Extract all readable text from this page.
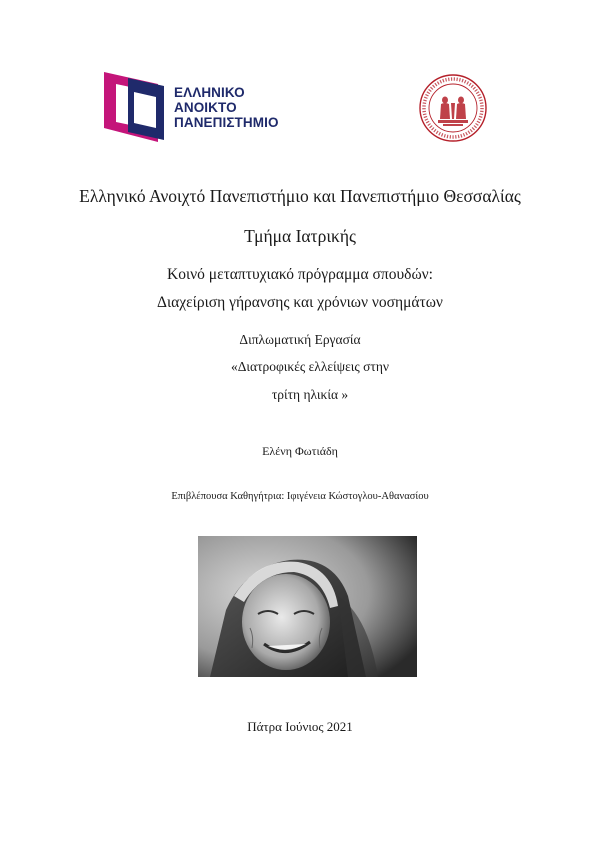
ΕΛΛΗΝΙΚΟ
ΑΝΟΙΚΤΟ
ΠΑΝΕΠΙΣΤΗΜΙΟ
Ελληνικό Ανοιχτό Πανεπιστήμιο και Πανεπιστήμιο Θεσσαλίας
Τμήμα Ιατρικής
Κοινό μεταπτυχιακό πρόγραμμα σπουδών:
Διαχείριση γήρανσης και χρόνιων νοσημάτων
Διπλωματική Εργασία
«Διατροφικές ελλείψεις στην
τρίτη ηλικία »
Ελένη Φωτιάδη
Επιβλέπουσα Καθηγήτρια: Ιφιγένεια Κώστογλου-Αθανασίου
Πάτρα Ιούνιος 2021
